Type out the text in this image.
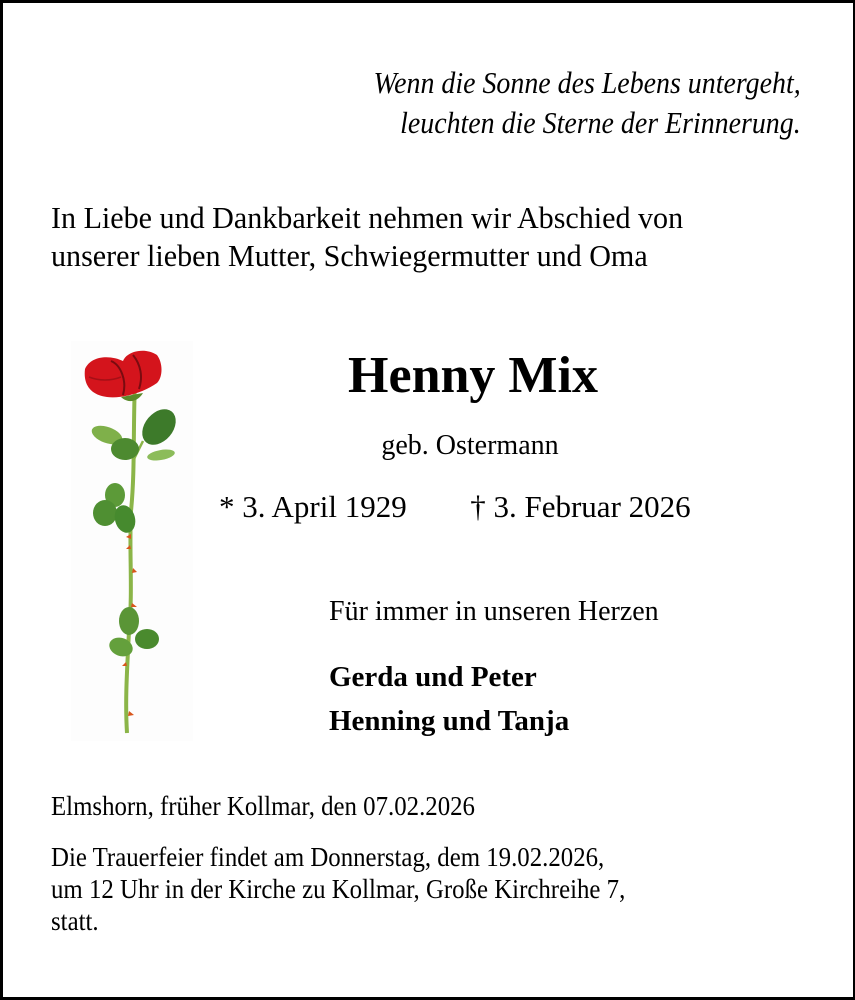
Wenn die Sonne des Lebens untergeht,
leuchten die Sterne der Erinnerung.
In Liebe und Dankbarkeit nehmen wir Abschied von
unserer lieben Mutter, Schwiegermutter und Oma
Henny Mix
geb. Ostermann
* 3. April 1929 † 3. Februar 2026
Für immer in unseren Herzen
Gerda und Peter
Henning und Tanja
Elmshorn, früher Kollmar, den 07.02.2026
Die Trauerfeier findet am Donnerstag, dem 19.02.2026,
um 12 Uhr in der Kirche zu Kollmar, Große Kirchreihe 7,
statt.
